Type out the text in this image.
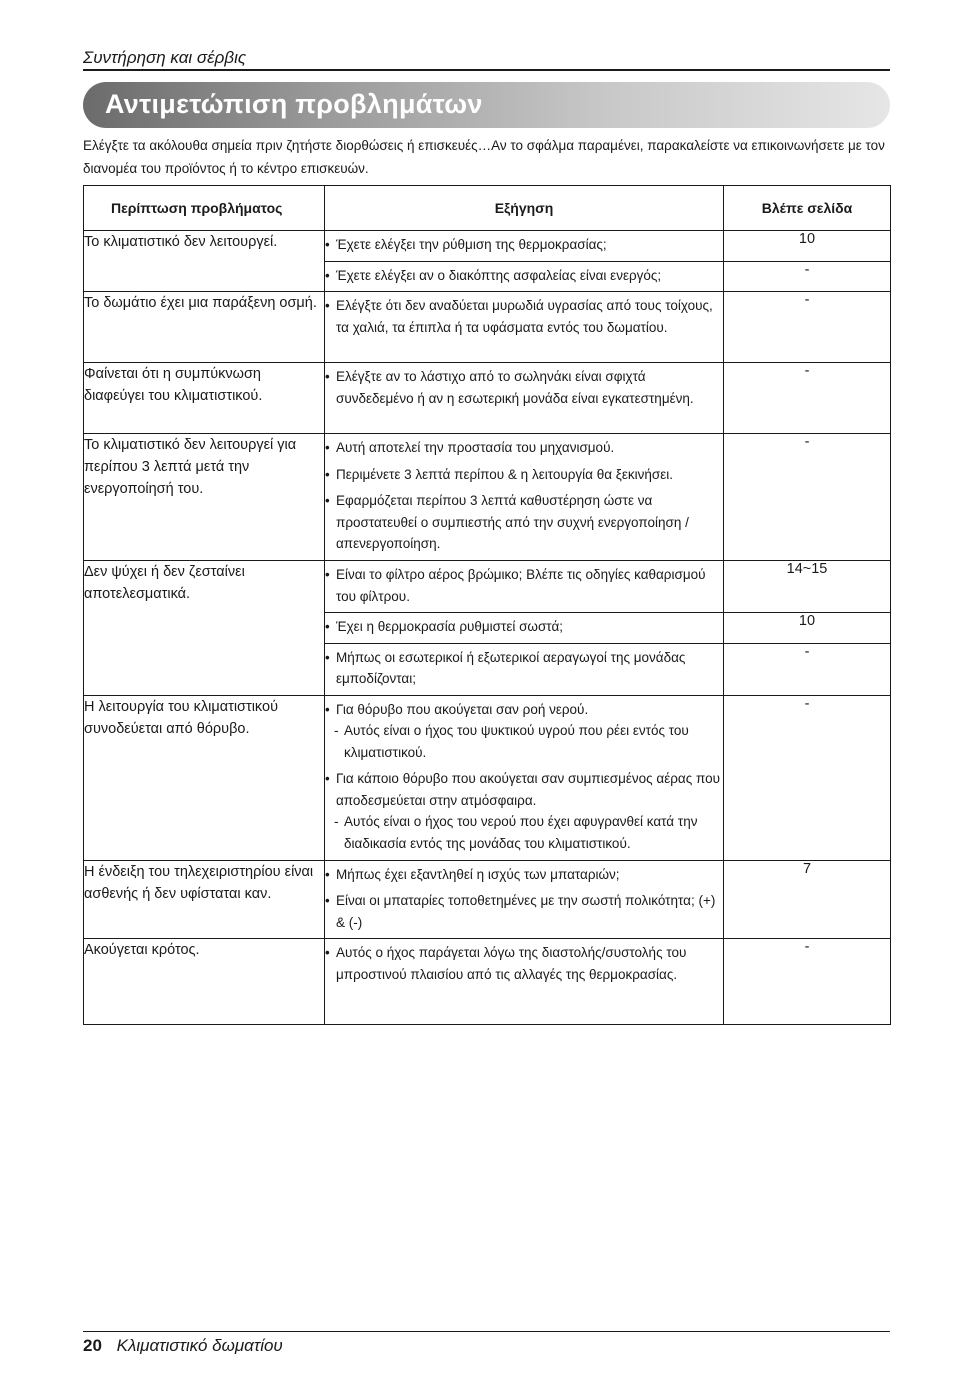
Συντήρηση και σέρβις
Αντιμετώπιση προβλημάτων
Ελέγξτε τα ακόλουθα σημεία πριν ζητήστε διορθώσεις ή επισκευές…Αν το σφάλμα παραμένει, παρακαλείστε να επικοινωνήσετε με τον διανομέα του προϊόντος ή το κέντρο επισκευών.
Περίπτωση προβλήματος	Εξήγηση	Βλέπε σελίδα
Το κλιματιστικό δεν λειτουργεί.	• Έχετε ελέγξει την ρύθμιση της θερμοκρασίας;	10

	• Έχετε ελέγξει αν ο διακόπτης ασφαλείας είναι ενεργός;	-
Το δωμάτιο έχει μια παράξενη οσμή.	• Ελέγξτε ότι δεν αναδύεται μυρωδιά υγρασίας από τους τοίχους, τα χαλιά, τα έπιπλα ή τα υφάσματα εντός του δωματίου.	-
Φαίνεται ότι η συμπύκνωση διαφεύγει του κλιματιστικού.	• Ελέγξτε αν το λάστιχο από το σωληνάκι είναι σφιχτά συνδεδεμένο ή αν η εσωτερική μονάδα είναι εγκατεστημένη.	-
Το κλιματιστικό δεν λειτουργεί για περίπου 3 λεπτά μετά την ενεργοποίησή του.	• Αυτή αποτελεί την προστασία του μηχανισμού.
• Περιμένετε 3 λεπτά περίπου & η λειτουργία θα ξεκινήσει.
• Εφαρμόζεται περίπου 3 λεπτά καθυστέρηση ώστε να προστατευθεί ο συμπιεστής από την συχνή ενεργοποίηση / απενεργοποίηση.	-
Δεν ψύχει ή δεν ζεσταίνει αποτελεσματικά.	• Είναι το φίλτρο αέρος βρώμικο; Βλέπε τις οδηγίες καθαρισμού του φίλτρου.	14~15

	• Έχει η θερμοκρασία ρυθμιστεί σωστά;	10

	• Μήπως οι εσωτερικοί ή εξωτερικοί αεραγωγοί της μονάδας εμποδίζονται;	-
Η λειτουργία του κλιματιστικού συνοδεύεται από θόρυβο.	• Για θόρυβο που ακούγεται σαν ροή νερού.
- Αυτός είναι ο ήχος του ψυκτικού υγρού που ρέει εντός του κλιματιστικού.
• Για κάποιο θόρυβο που ακούγεται σαν συμπιεσμένος αέρας που αποδεσμεύεται στην ατμόσφαιρα.
- Αυτός είναι ο ήχος του νερού που έχει αφυγρανθεί κατά την διαδικασία εντός της μονάδας του κλιματιστικού.	-
Η ένδειξη του τηλεχειριστηρίου είναι ασθενής ή δεν υφίσταται καν.	• Μήπως έχει εξαντληθεί η ισχύς των μπαταριών;
• Είναι οι μπαταρίες τοποθετημένες με την σωστή πολικότητα; (+) & (-)	7
Ακούγεται κρότος.	• Αυτός ο ήχος παράγεται λόγω της διαστολής/συστολής του μπροστινού πλαισίου από τις αλλαγές της θερμοκρασίας.	-
20 Κλιματιστικό δωματίου
